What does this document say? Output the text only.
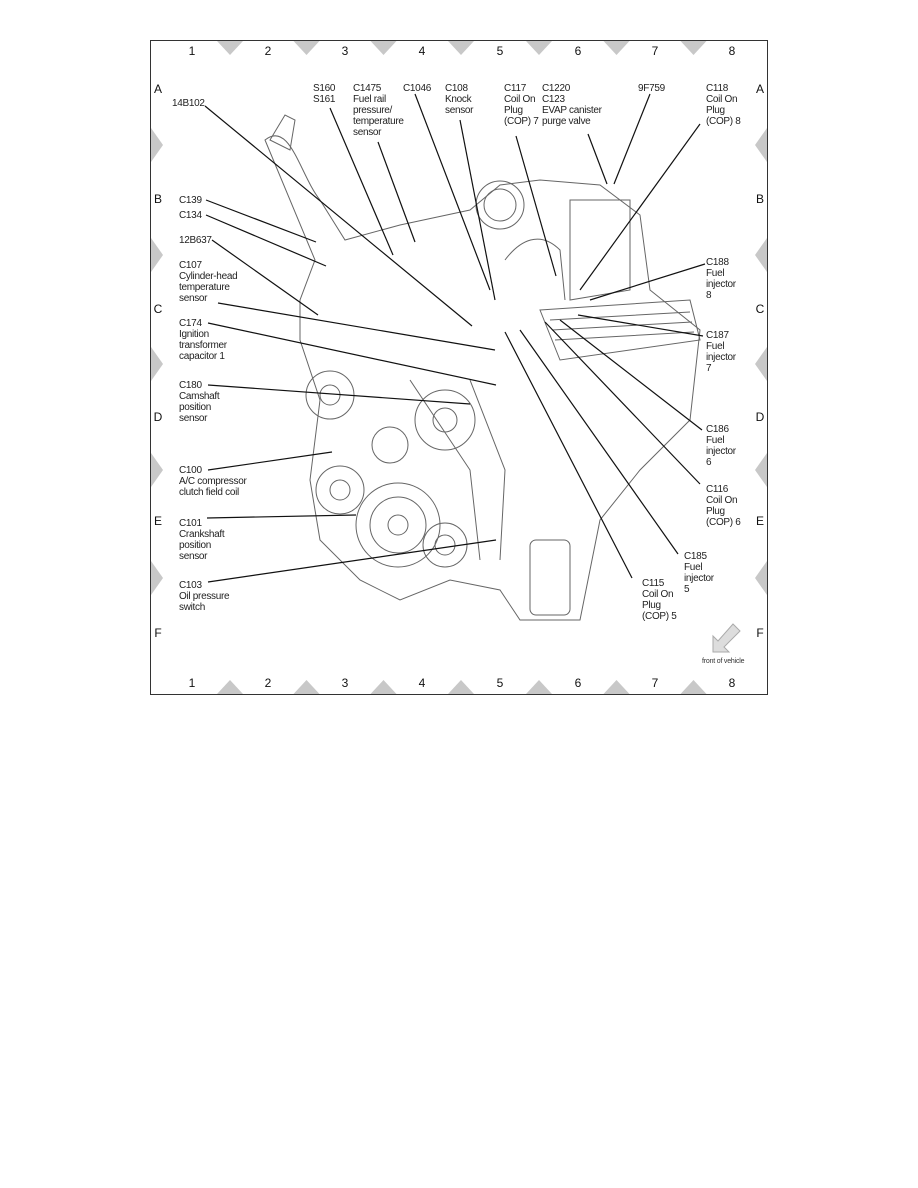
14B102
S160
S161
C1475
Fuel rail
pressure/
temperature
sensor
C1046 C108
Knock
sensor
C117
Coil On
Plug
(COP) 7
C1220
C123
EVAP canister
purge valve
9F759	C118
Coil On
Plug
(COP) 8
C139
C134
12B637
C107
Cylinder-head
temperature
sensor
C174
Ignition
transformer
capacitor 1
C180
Camshaft
position
sensor
C100
A/C compressor
clutch field coil
C101
Crankshaft
position
sensor
C103
Oil pressure
switch
C188
Fuel
injector
8
C187
Fuel
injector
7
C186
Fuel
injector
6
C116
Coil On
Plug
(COP) 6
C185
Fuel
injector
5
C115
Coil On
Plug
(COP) 5
front of vehicle
1
1
2
2
3
3
4
4
5
5
6
6
7
7
8
8
A	A
B	B
C	C
D	D
E	E
F	F
